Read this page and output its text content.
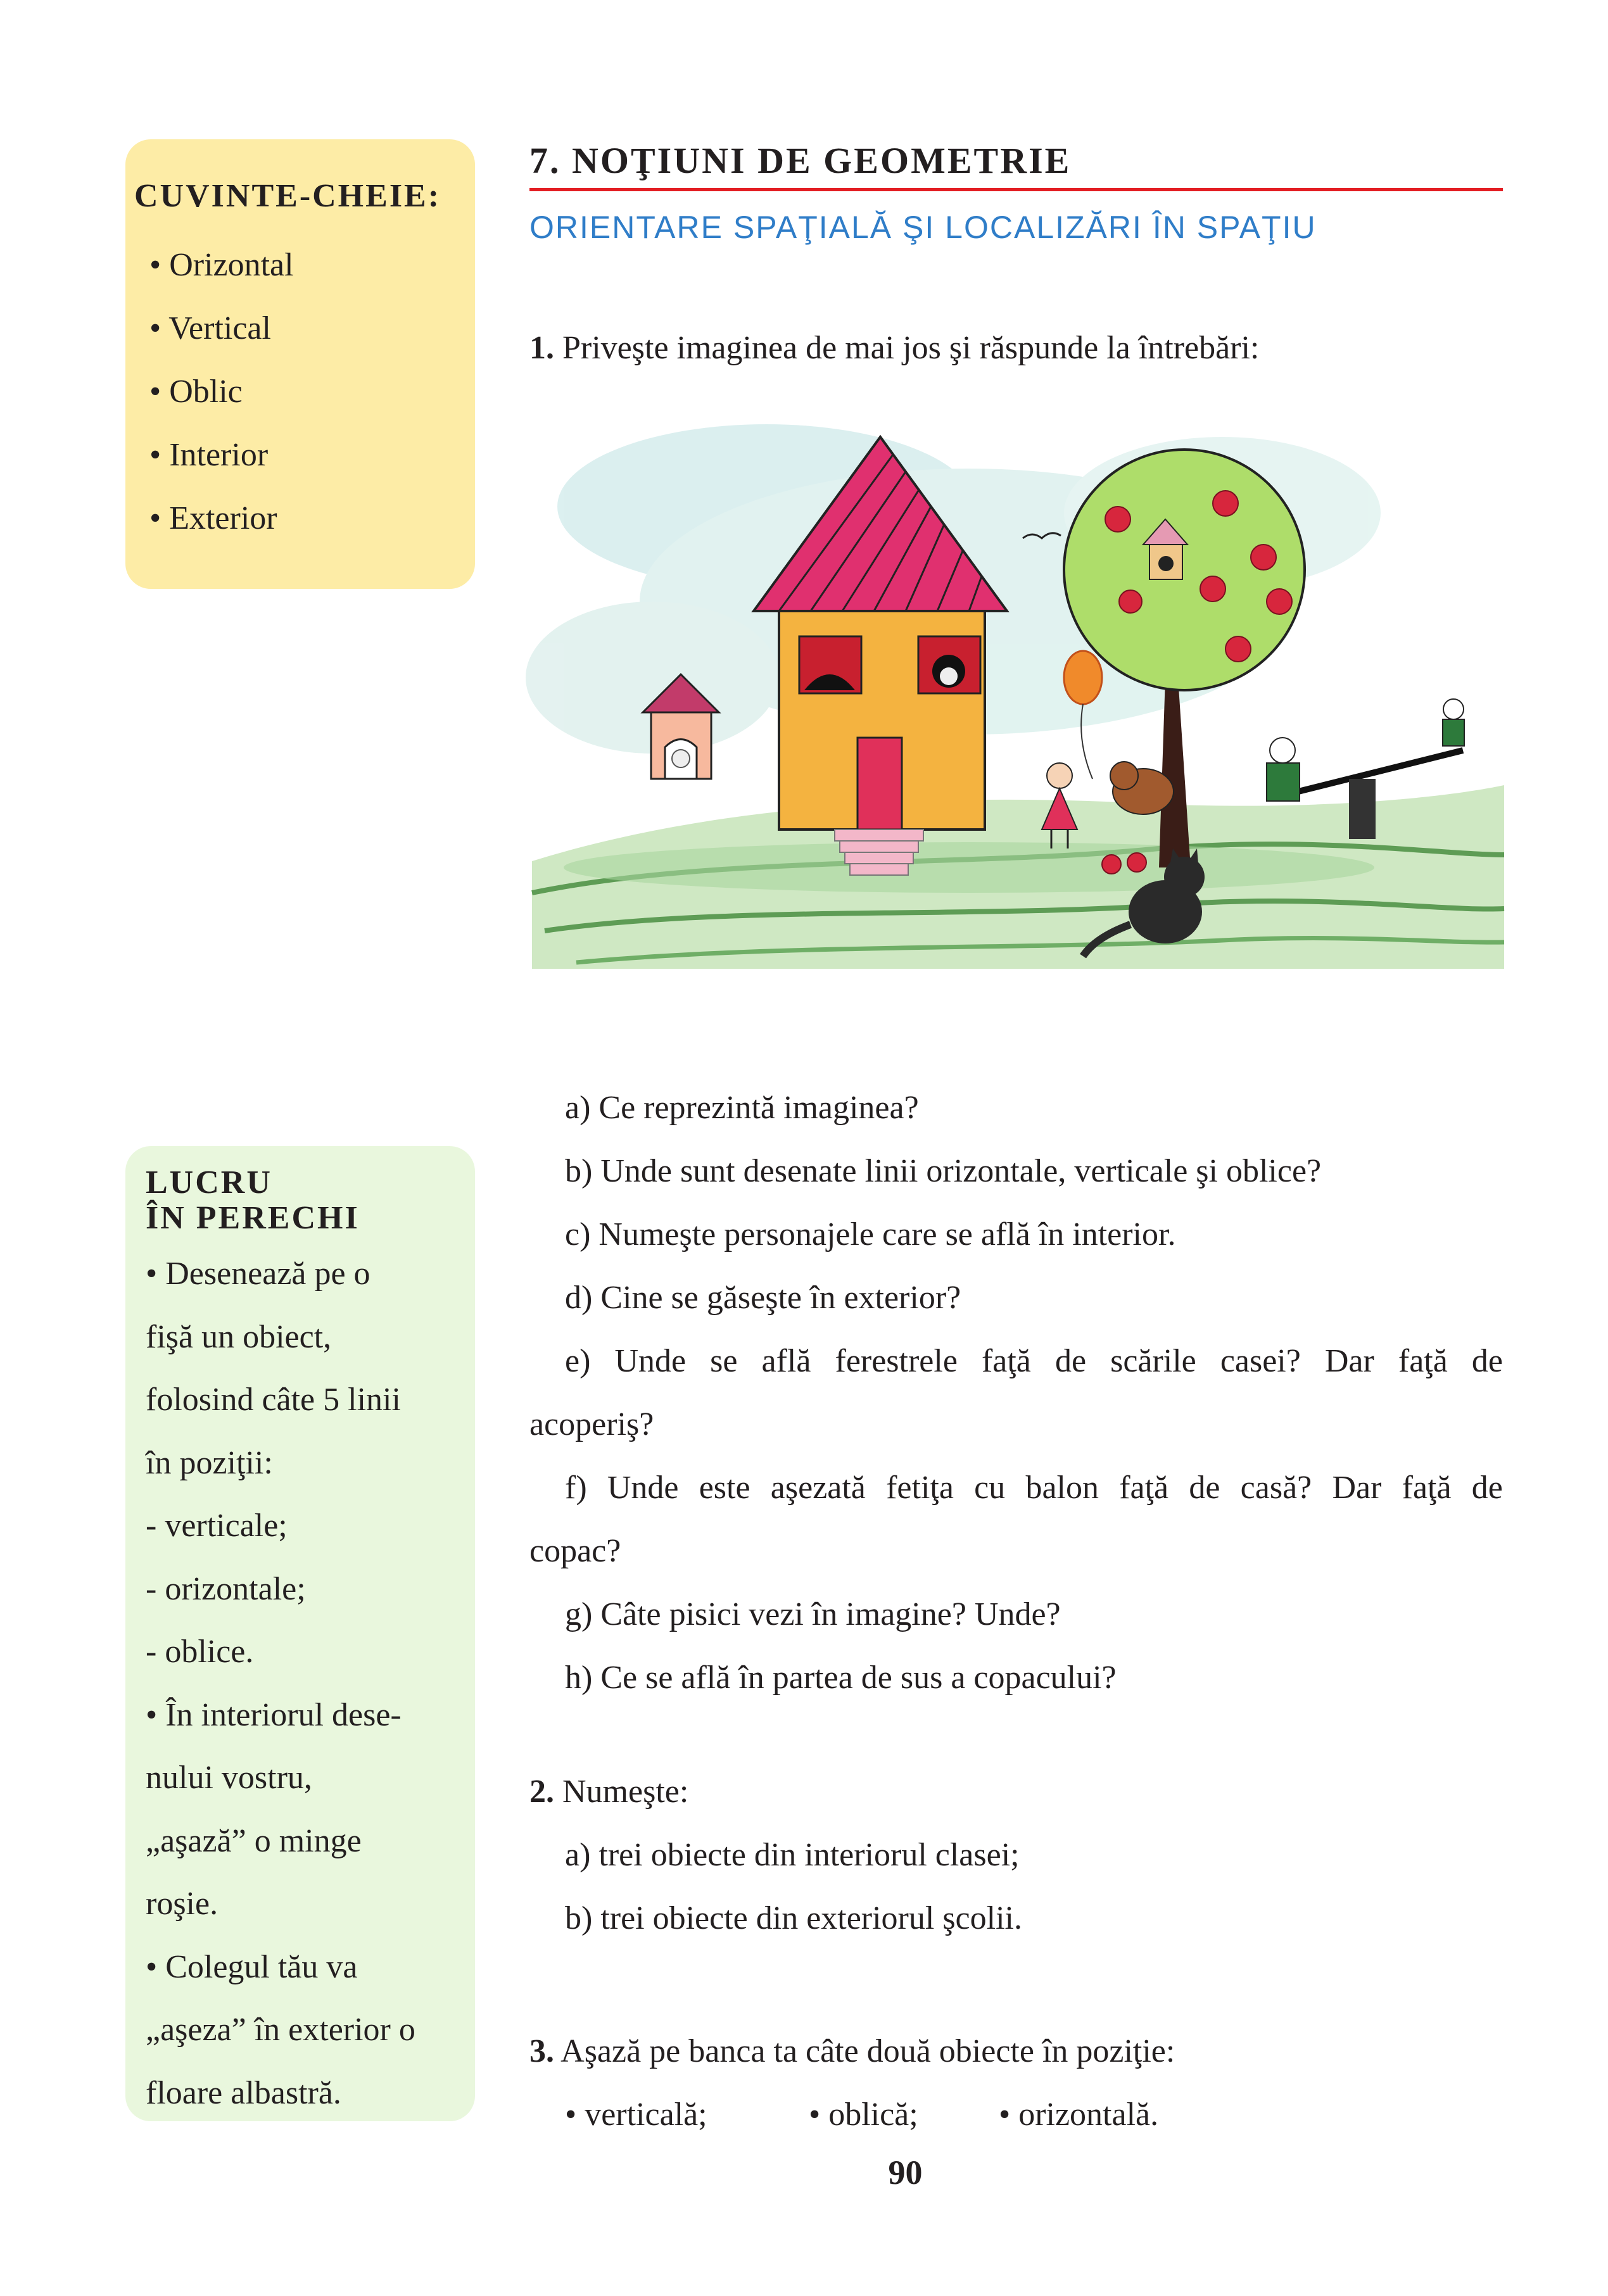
CUVINTE-CHEIE:
• Orizontal
• Vertical
• Oblic
• Interior
• Exterior
LUCRU
ÎN PERECHI
• Desenează pe o
fişă un obiect,
folosind câte 5 linii
în poziţii:
- verticale;
- orizontale;
- oblice.
• În interiorul dese-
nului vostru,
„aşază” o minge
roşie.
• Colegul tău va
„aşeza” în exterior o
floare albastră.
7. NOŢIUNI DE GEOMETRIE
ORIENTARE SPAŢIALĂ ŞI LOCALIZĂRI ÎN SPAŢIU
1. Priveşte imaginea de mai jos şi răspunde la întrebări:
a) Ce reprezintă imaginea?
b) Unde sunt desenate linii orizontale, verticale şi oblice?
c) Numeşte personajele care se află în interior.
d) Cine se găseşte în exterior?
e) Unde se află ferestrele faţă de scările casei? Dar faţă de
acoperiş?
f) Unde este aşezată fetiţa cu balon faţă de casă? Dar faţă de
copac?
g) Câte pisici vezi în imagine? Unde?
h) Ce se află în partea de sus a copacului?
2. Numeşte:
a) trei obiecte din interiorul clasei;
b) trei obiecte din exteriorul şcolii.
3. Aşază pe banca ta câte două obiecte în poziţie:
• verticală;	• oblică;	• orizontală.
90
